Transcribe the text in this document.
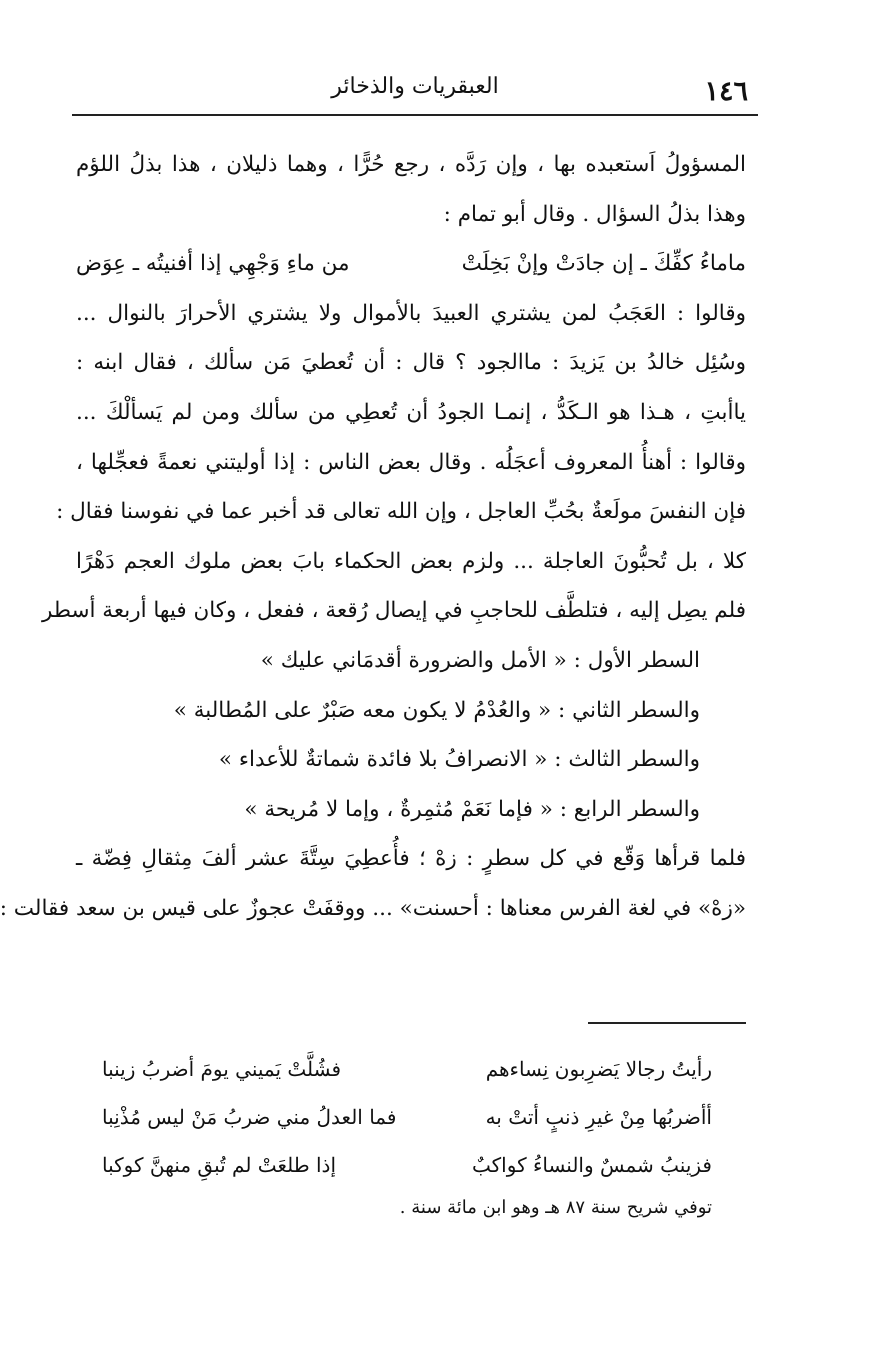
١٤٦
العبقريات والذخائر
المسؤولُ اَستعبده بها ، وإن رَدَّه ، رجع حُرًّا ، وهما ذليلان ، هذا بذلُ اللؤم
وهذا بذلُ السؤال . وقال أبو تمام :
ماماءُ كفِّكَ ـ إن جادَتْ وإنْ بَخِلَتْ
من ماءِ وَجْهِي إذا أفنيتُه ـ عِوَض
وقالوا : العَجَبُ لمن يشتري العبيدَ بالأموال ولا يشتري الأحرارَ بالنوال ...
وسُئِل خالدُ بن يَزيدَ : ماالجود ؟ قال : أن تُعطيَ مَن سألك ، فقال ابنه :
ياأبتِ ، هـذا هو الـكَدُّ ، إنمـا الجودُ أن تُعطِي من سألك ومن لم يَسألْكَ ...
وقالوا : أهنأُ المعروف أعجَلُه . وقال بعض الناس : إذا أوليتني نعمةً فعجِّلها ،
فإن النفسَ مولَعةٌ بحُبِّ العاجل ، وإن الله تعالى قد أخبر عما في نفوسنا فقال :
كلا ، بل تُحبُّونَ العاجلة ... ولزم بعض الحكماء بابَ بعض ملوك العجم دَهْرًا
فلم يصِل إليه ، فتلطَّف للحاجبِ في إيصال رُقعة ، ففعل ، وكان فيها أربعة أسطر
السطر الأول : « الأمل والضرورة أقدمَاني عليك »
والسطر الثاني : « والعُدْمُ لا يكون معه صَبْرٌ على المُطالبة »
والسطر الثالث : « الانصرافُ بلا فائدة شماتةٌ للأعداء »
والسطر الرابع : « فإما نَعَمْ مُثمِرةٌ ، وإما لا مُريحة »
فلما قرأها وَقّع في كل سطرٍ : زهْ ؛ فأُعطِيَ سِتَّةَ عشر ألفَ مِثقالِ فِضّة ـ
«زهْ» في لغة الفرس معناها : أحسنت» ... ووقفَتْ عجوزٌ على قيس بن سعد فقالت :
رأيتُ رجالا يَضرِبون نِساءهم
فشُلَّتْ يَميني يومَ أضربُ زينبا
أأضربُها مِنْ غيرِ ذنبٍ أتتْ به
فما العدلُ مني ضربُ مَنْ ليس مُذْنِبا
فزينبُ شمسٌ والنساءُ كواكبٌ
إذا طلعَتْ لم تُبقِ منهنَّ كوكبا
توفي شريح سنة ٨٧ هـ وهو ابن مائة سنة .
